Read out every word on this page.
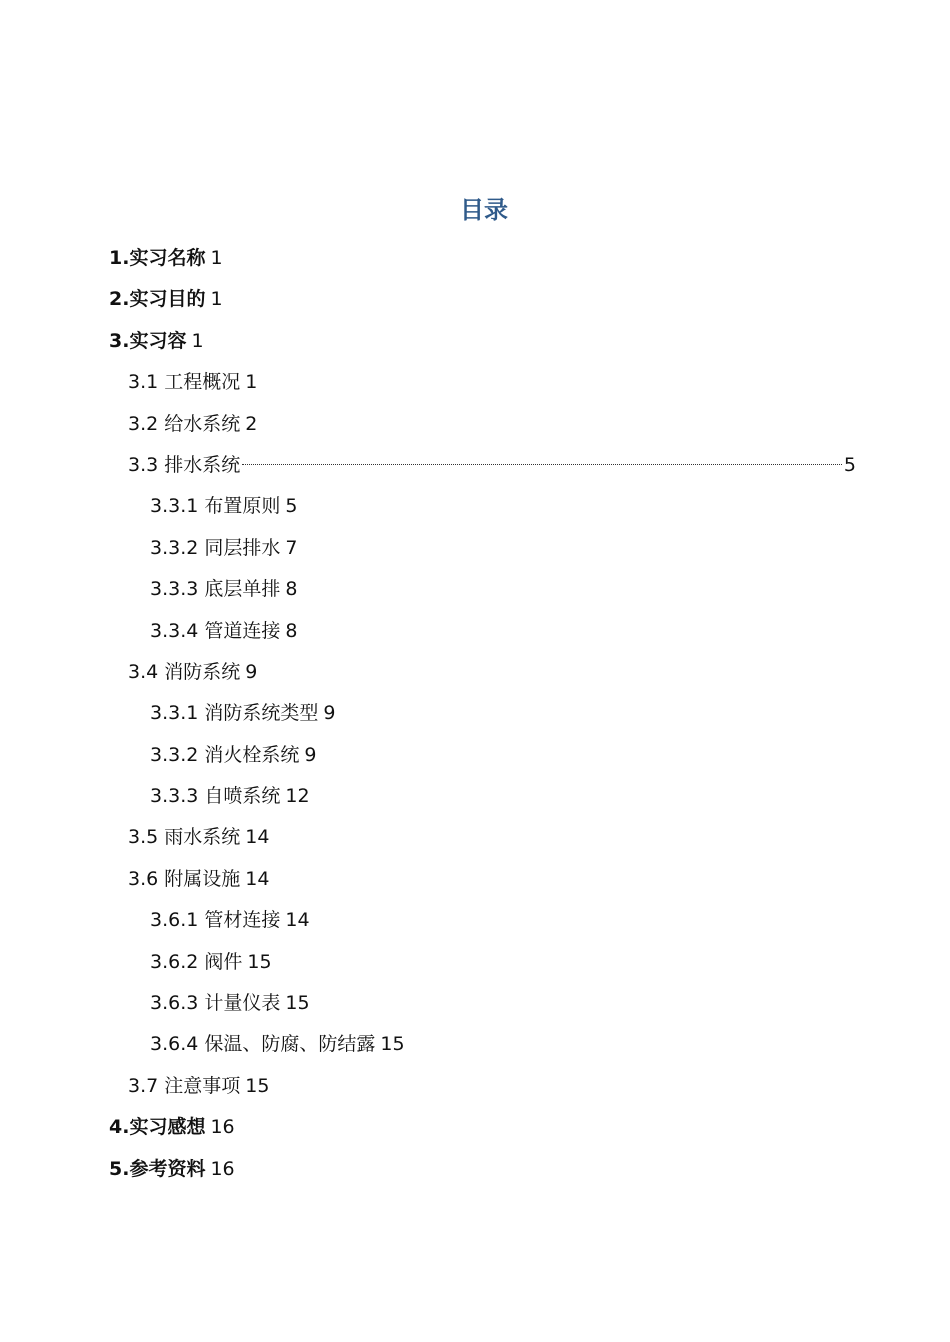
目录
1.实习名称 1
2.实习目的 1
3.实习容 1
3.1 工程概况 1
3.2 给水系统 2
3.3 排水系统	5
3.3.1 布置原则 5
3.3.2 同层排水 7
3.3.3 底层单排 8
3.3.4 管道连接 8
3.4 消防系统 9
3.3.1 消防系统类型 9
3.3.2 消火栓系统 9
3.3.3 自喷系统 12
3.5 雨水系统 14
3.6 附属设施 14
3.6.1 管材连接 14
3.6.2 阀件 15
3.6.3 计量仪表 15
3.6.4 保温、防腐、防结露 15
3.7 注意事项 15
4.实习感想 16
5.参考资料 16
